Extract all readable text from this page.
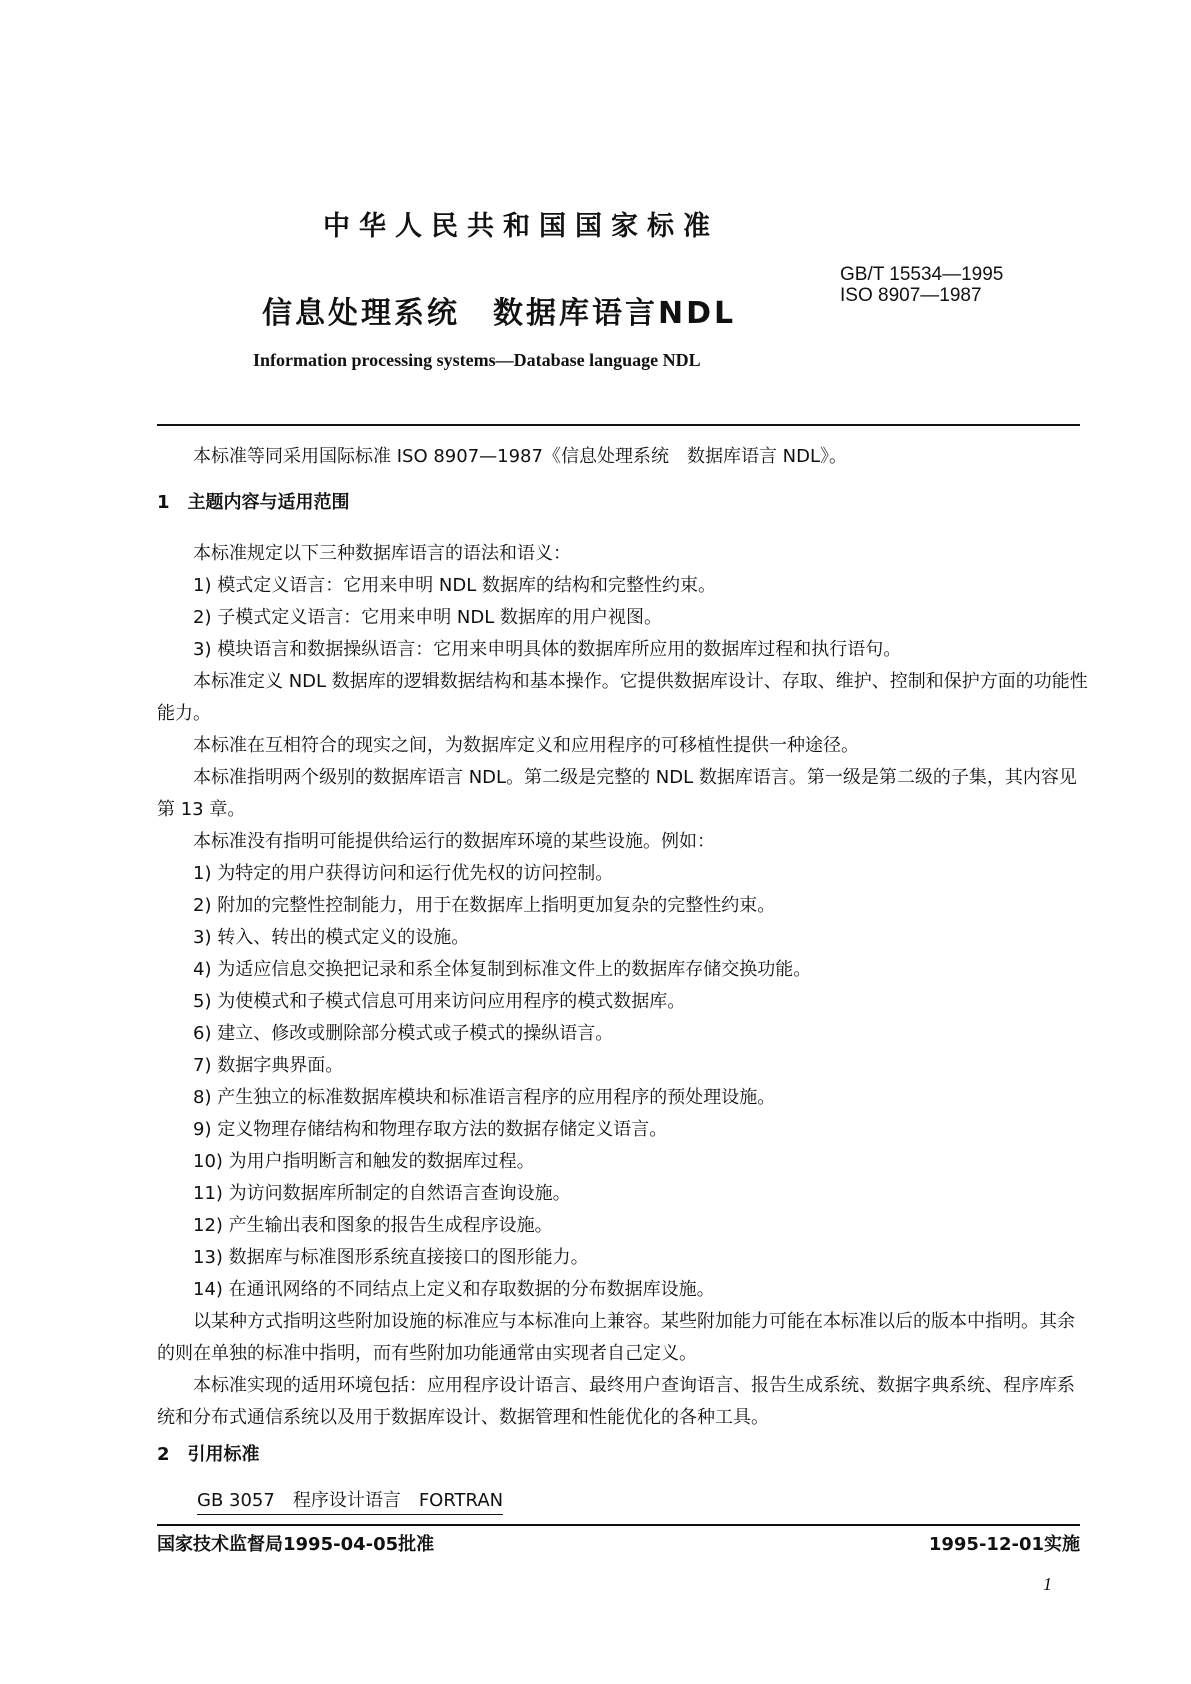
中华人民共和国国家标准
信息处理系统　数据库语言NDL
GB/T 15534—1995
ISO 8907—1987
Information processing systems—Database language NDL

本标准等同采用国际标准 ISO 8907—1987《信息处理系统　数据库语言 NDL》。

1　主题内容与适用范围

本标准规定以下三种数据库语言的语法和语义：

1) 模式定义语言：它用来申明 NDL 数据库的结构和完整性约束。

2) 子模式定义语言：它用来申明 NDL 数据库的用户视图。

3) 模块语言和数据操纵语言：它用来申明具体的数据库所应用的数据库过程和执行语句。

本标准定义 NDL 数据库的逻辑数据结构和基本操作。它提供数据库设计、存取、维护、控制和保护方面的功能性能力。

本标准在互相符合的现实之间，为数据库定义和应用程序的可移植性提供一种途径。

本标准指明两个级别的数据库语言 NDL。第二级是完整的 NDL 数据库语言。第一级是第二级的子集，其内容见第 13 章。

本标准没有指明可能提供给运行的数据库环境的某些设施。例如：

1) 为特定的用户获得访问和运行优先权的访问控制。

2) 附加的完整性控制能力，用于在数据库上指明更加复杂的完整性约束。

3) 转入、转出的模式定义的设施。

4) 为适应信息交换把记录和系全体复制到标准文件上的数据库存储交换功能。

5) 为使模式和子模式信息可用来访问应用程序的模式数据库。

6) 建立、修改或删除部分模式或子模式的操纵语言。

7) 数据字典界面。

8) 产生独立的标准数据库模块和标准语言程序的应用程序的预处理设施。

9) 定义物理存储结构和物理存取方法的数据存储定义语言。

10) 为用户指明断言和触发的数据库过程。

11) 为访问数据库所制定的自然语言查询设施。

12) 产生输出表和图象的报告生成程序设施。

13) 数据库与标准图形系统直接接口的图形能力。

14) 在通讯网络的不同结点上定义和存取数据的分布数据库设施。

以某种方式指明这些附加设施的标准应与本标准向上兼容。某些附加能力可能在本标准以后的版本中指明。其余的则在单独的标准中指明，而有些附加功能通常由实现者自己定义。

本标准实现的适用环境包括：应用程序设计语言、最终用户查询语言、报告生成系统、数据字典系统、程序库系统和分布式通信系统以及用于数据库设计、数据管理和性能优化的各种工具。

2　引用标准

GB 3057　程序设计语言　FORTRAN

国家技术监督局1995-04-05批准	1995-12-01实施
1
